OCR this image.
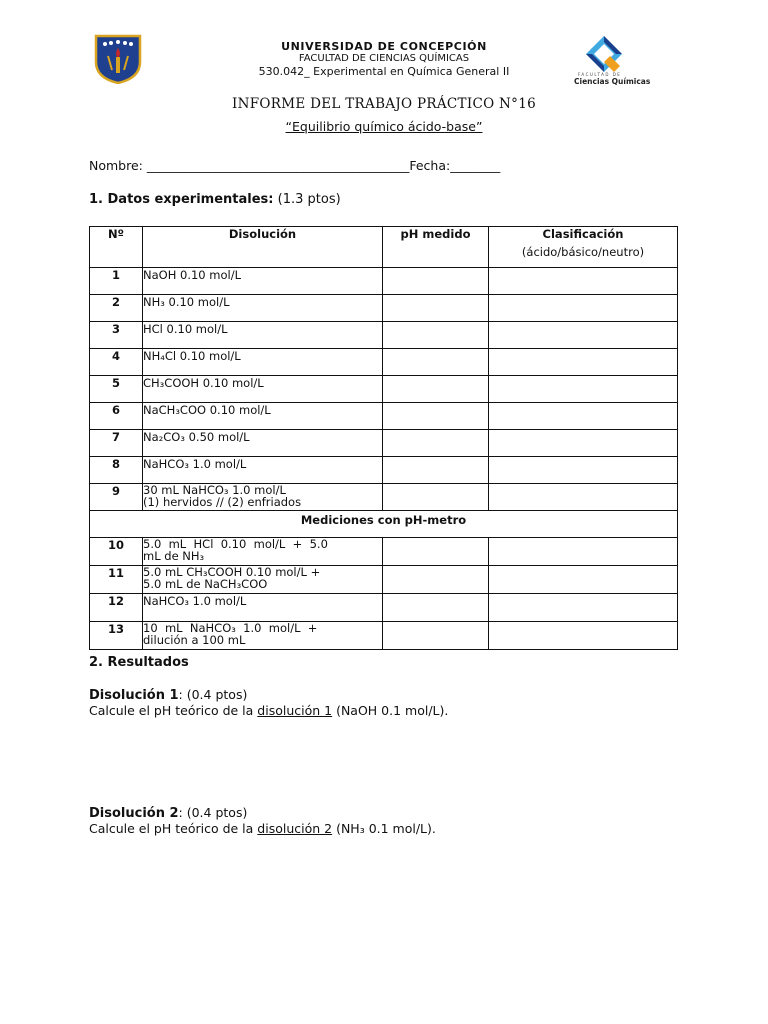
FACULTAD DE
Ciencias Químicas
UNIVERSIDAD DE CONCEPCIÓN
FACULTAD DE CIENCIAS QUÍMICAS
530.042_ Experimental en Química General II
INFORME DEL TRABAJO PRÁCTICO N°16
“Equilibrio químico ácido-base”
Nombre: __________________________________________Fecha:________
1. Datos experimentales: (1.3 ptos)
Nº	Disolución	pH medido	Clasificación
(ácido/básico/neutro)

1	NaOH 0.10 mol/L		
2	NH₃ 0.10 mol/L		
3	HCl 0.10 mol/L		
4	NH₄Cl 0.10 mol/L		
5	CH₃COOH 0.10 mol/L		
6	NaCH₃COO 0.10 mol/L		
7	Na₂CO₃ 0.50 mol/L		
8	NaHCO₃ 1.0 mol/L		
9	30 mL NaHCO₃ 1.0 mol/L
(1) hervidos // (2) enfriados		

Mediciones con pH-metro			
10	5.0  mL  HCl  0.10  mol/L  +  5.0
mL de NH₃		

11	5.0 mL CH₃COOH 0.10 mol/L +
5.0 mL de NaCH₃COO		

12	NaHCO₃ 1.0 mol/L		
13	10  mL  NaHCO₃  1.0  mol/L  +
dilución a 100 mL		

2. Resultados
Disolución 1: (0.4 ptos)
Calcule el pH teórico de la disolución 1 (NaOH 0.1 mol/L).
Disolución 2: (0.4 ptos)
Calcule el pH teórico de la disolución 2 (NH₃ 0.1 mol/L).
